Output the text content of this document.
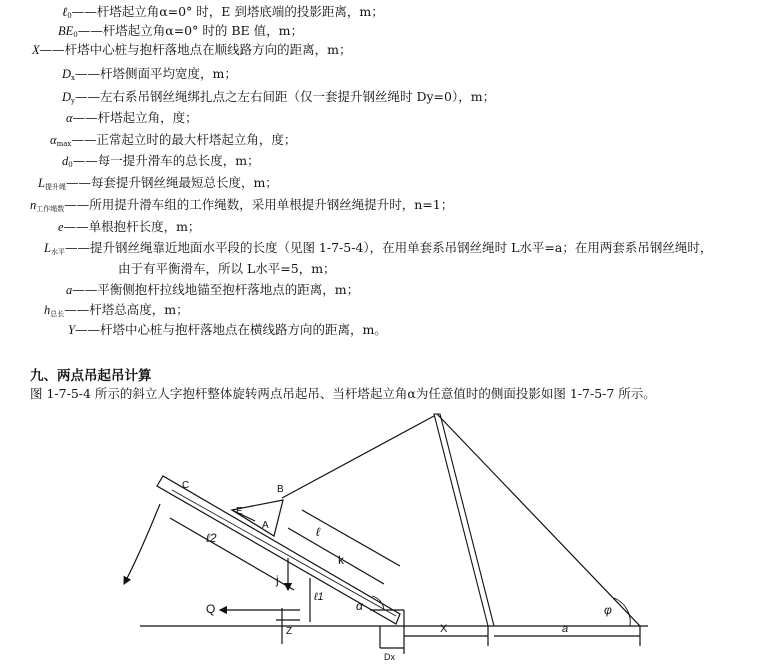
ℓ$_0$——杆塔起立角α=0° 时，E 到塔底端的投影距离，m；
$BE_0——$杆塔起立角α=0° 时的 BE 值，m；
X——杆塔中心桩与抱杆落地点在顺线路方向的距离，m；
$D_x——$杆塔侧面平均宽度，m；
$D_y——$左右系吊钢丝绳绑扎点之左右间距（仅一套提升钢丝绳时 Dy=0），m；
α——杆塔起立角，度；
$\alpha_{max}——$正常起立时的最大杆塔起立角，度；
$d_0——$每一提升滑车的总长度，m；
$L_{提升绳}——$每套提升钢丝绳最短总长度，m；
$n_{工作绳数}——$所用提升滑车组的工作绳数，采用单根提升钢丝绳提升时，n=1；
e——单根抱杆长度，m；
$L_{水平}——$提升钢丝绳靠近地面水平段的长度（见图 1-7-5-4），在用单套系吊钢丝绳时 L水平=a；在用两套系吊钢丝绳时，
由于有平衡滑车，所以 L水平=5，m；
a——平衡侧抱杆拉线地锚至抱杆落地点的距离，m；
$h_{总长}——$杆塔总高度，m；
Y——杆塔中心桩与抱杆落地点在横线路方向的距离，m。
九、两点吊起吊计算
图 1-7-5-4 所示的斜立人字抱杆整体旋转两点吊起吊、当杆塔起立角α为任意值时的侧面投影如图 1-7-5-7 所示。
C	B
E
A	ℓ
ℓ2
k
j
ℓ1
Q
Z
α	φ
X	a
Dx
